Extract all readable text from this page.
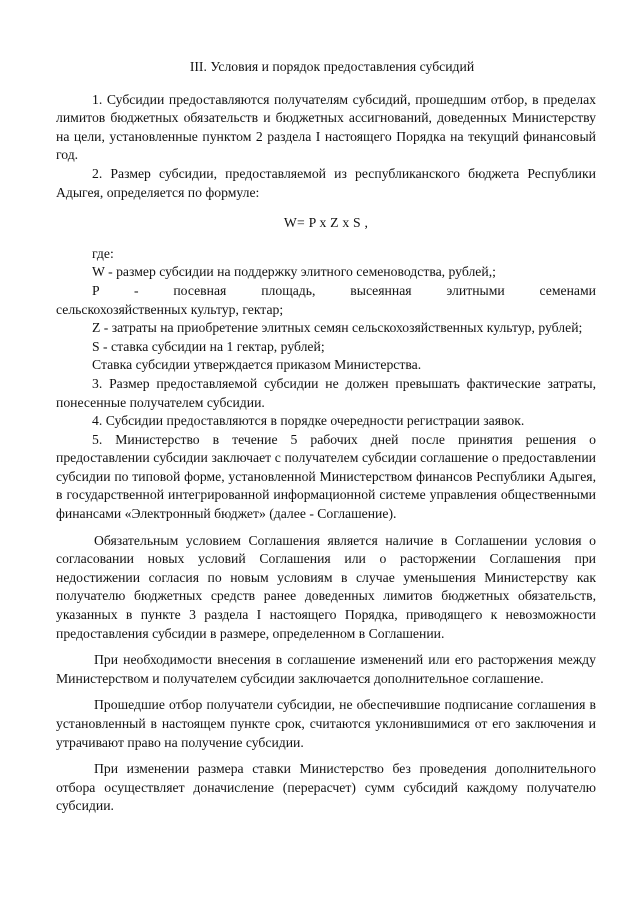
III. Условия и порядок предоставления субсидий

1. Субсидии предоставляются получателям субсидий, прошедшим отбор, в пределах лимитов бюджетных обязательств и бюджетных ассигнований, доведенных Министерству на цели, установленные пунктом 2 раздела I настоящего Порядка на текущий финансовый год.

2. Размер субсидии, предоставляемой из республиканского бюджета Республики Адыгея, определяется по формуле:

W= P x Z x S ,

где:

W - размер субсидии на поддержку элитного семеноводства, рублей,;

P - посевная площадь, высеянная элитными семенами

сельскохозяйственных культур, гектар;

Z - затраты на приобретение элитных семян сельскохозяйственных культур, рублей;

S - ставка субсидии на 1 гектар, рублей;

Ставка субсидии утверждается приказом Министерства.

3. Размер предоставляемой субсидии не должен превышать фактические затраты, понесенные получателем субсидии.

4. Субсидии предоставляются в порядке очередности регистрации заявок.

5. Министерство в течение 5 рабочих дней после принятия решения о предоставлении субсидии заключает с получателем субсидии соглашение о предоставлении субсидии по типовой форме, установленной Министерством финансов Республики Адыгея, в государственной интегрированной информационной системе управления общественными финансами «Электронный бюджет» (далее - Соглашение).

Обязательным условием Соглашения является наличие в Соглашении условия о согласовании новых условий Соглашения или о расторжении Соглашения при недостижении согласия по новым условиям в случае уменьшения Министерству как получателю бюджетных средств ранее доведенных лимитов бюджетных обязательств, указанных в пункте 3 раздела I настоящего Порядка, приводящего к невозможности предоставления субсидии в размере, определенном в Соглашении.

При необходимости внесения в соглашение изменений или его расторжения между Министерством и получателем субсидии заключается дополнительное соглашение.

Прошедшие отбор получатели субсидии, не обеспечившие подписание соглашения в установленный в настоящем пункте срок, считаются уклонившимися от его заключения и утрачивают право на получение субсидии.

При изменении размера ставки Министерство без проведения дополнительного отбора осуществляет доначисление (перерасчет) сумм субсидий каждому получателю субсидии.
